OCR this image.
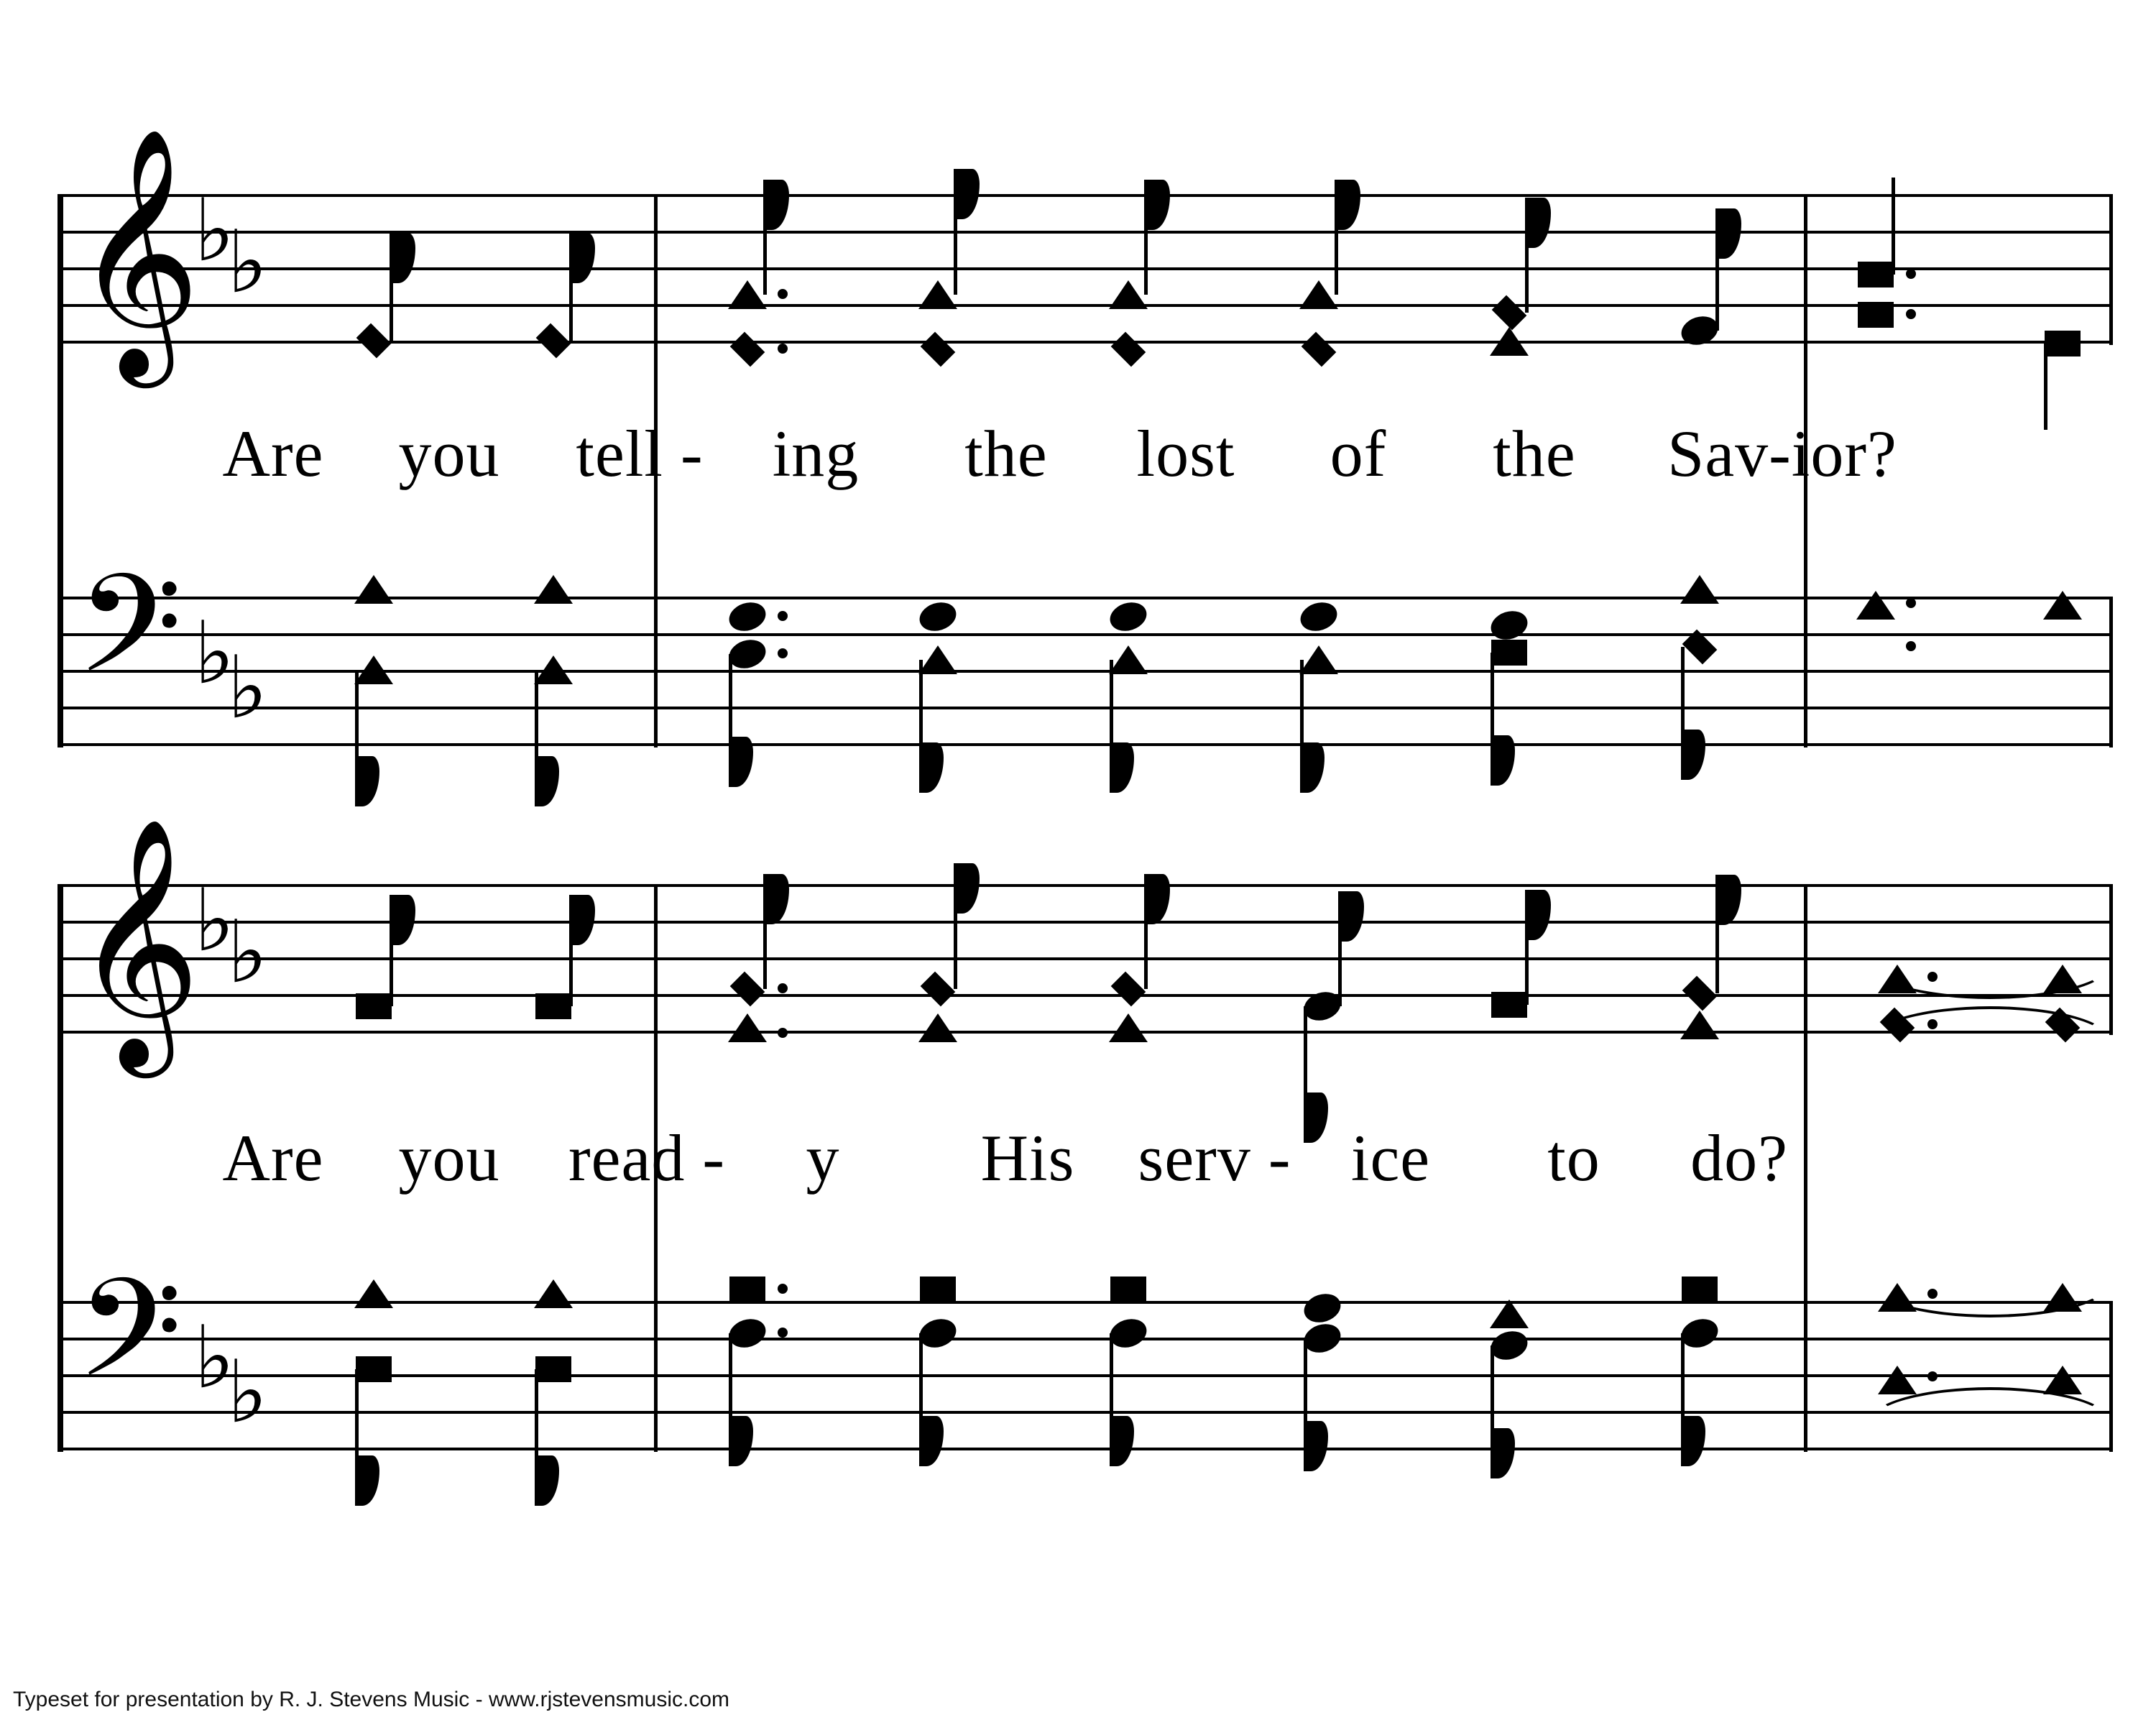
𝄞
♭
♭
Are you tell - ing the lost of the Sav-ior?
𝄢 ♭
♭
𝄞
♭
♭
Are you read - y His serv - ice to do?
𝄢 ♭
♭
Typeset for presentation by R. J. Stevens Music - www.rjstevensmusic.com
